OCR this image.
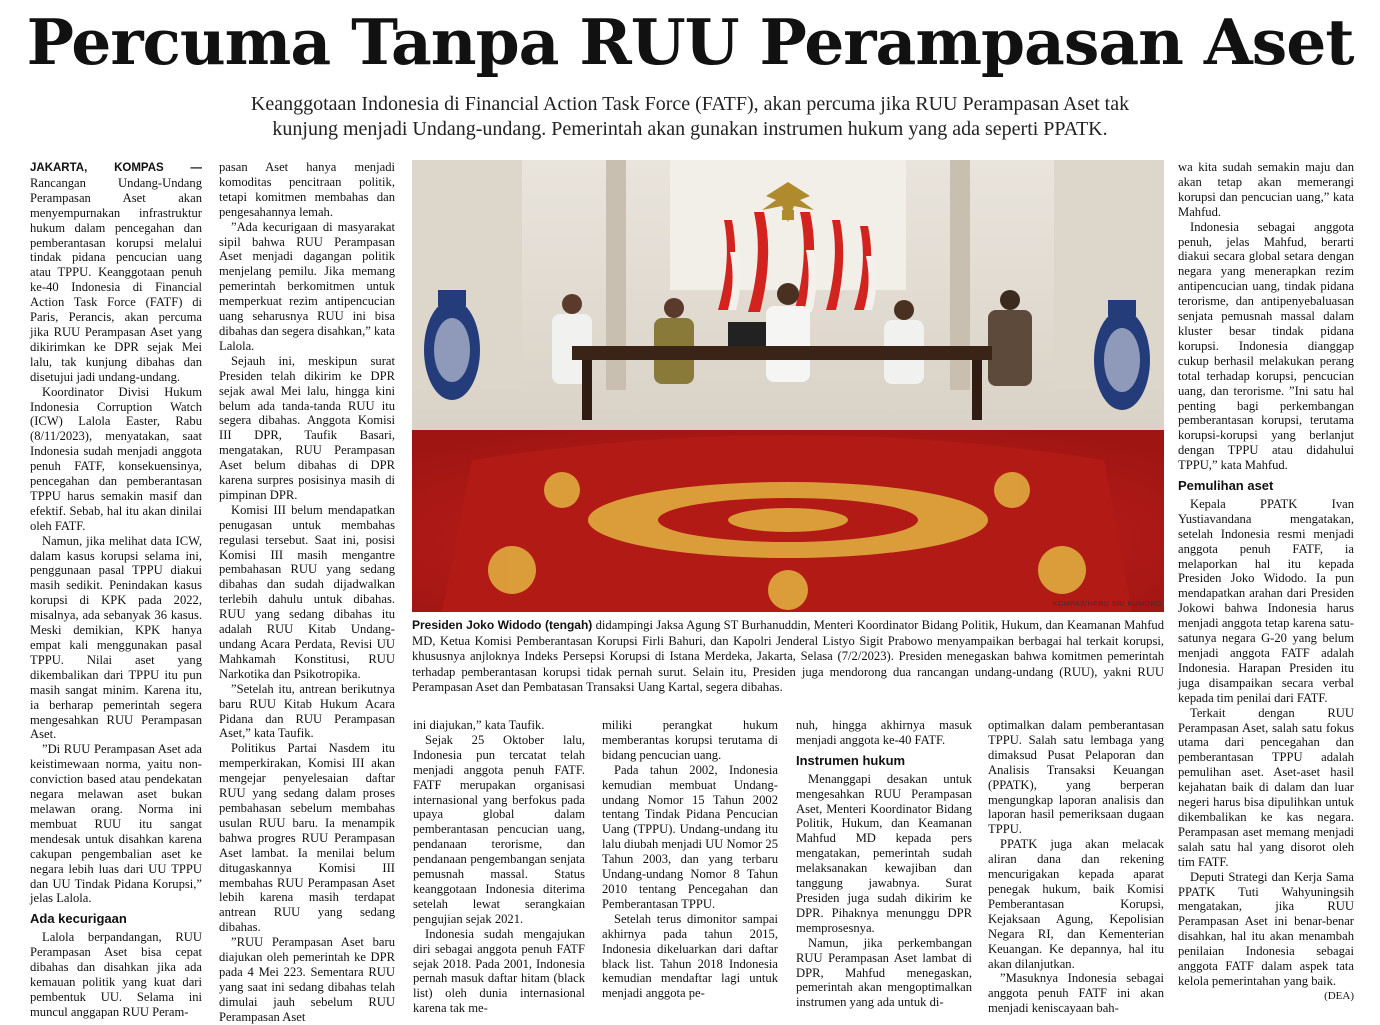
Percuma Tanpa RUU Perampasan Aset
Keanggotaan Indonesia di Financial Action Task Force (FATF), akan percuma jika RUU Perampasan Aset tak
kunjung menjadi Undang-undang. Pemerintah akan gunakan instrumen hukum yang ada seperti PPATK.
KOMPAS/HERU SRI KUMORO
Presiden Joko Widodo (tengah) didampingi Jaksa Agung ST Burhanuddin, Menteri Koordinator Bidang Politik, Hukum, dan Keamanan Mahfud MD, Ketua Komisi Pemberantasan Korupsi Firli Bahuri, dan Kapolri Jenderal Listyo Sigit Prabowo menyampaikan berbagai hal terkait korupsi, khususnya anjloknya Indeks Persepsi Korupsi di Istana Merdeka, Jakarta, Selasa (7/2/2023). Presiden menegaskan bahwa komitmen pemerintah terhadap pemberantasan korupsi tidak pernah surut. Selain itu, Presiden juga mendorong dua rancangan undang-undang (RUU), yakni RUU Perampasan Aset dan Pembatasan Transaksi Uang Kartal, segera dibahas.

JAKARTA, KOMPAS — Rancangan Undang-Undang Perampasan Aset akan menyempurnakan infrastruktur hukum dalam pencegahan dan pemberantasan korupsi melalui tindak pidana pencucian uang atau TPPU. Keanggotaan penuh ke-40 Indonesia di Financial Action Task Force (FATF) di Paris, Perancis, akan percuma jika RUU Perampasan Aset yang dikirimkan ke DPR sejak Mei lalu, tak kunjung dibahas dan disetujui jadi undang-undang.

Koordinator Divisi Hukum Indonesia Corruption Watch (ICW) Lalola Easter, Rabu (8/11/2023), menyatakan, saat Indonesia sudah menjadi anggota penuh FATF, konsekuensinya, pencegahan dan pemberantasan TPPU harus semakin masif dan efektif. Sebab, hal itu akan dinilai oleh FATF.

Namun, jika melihat data ICW, dalam kasus korupsi selama ini, penggunaan pasal TPPU diakui masih sedikit. Penindakan kasus korupsi di KPK pada 2022, misalnya, ada sebanyak 36 kasus. Meski demikian, KPK hanya empat kali menggunakan pasal TPPU. Nilai aset yang dikembalikan dari TPPU itu pun masih sangat minim. Karena itu, ia berharap pemerintah segera mengesahkan RUU Perampasan Aset.

”Di RUU Perampasan Aset ada keistimewaan norma, yaitu non-conviction based atau pendekatan negara melawan aset bukan melawan orang. Norma ini membuat RUU itu sangat mendesak untuk disahkan karena cakupan pengembalian aset ke negara lebih luas dari UU TPPU dan UU Tindak Pidana Korupsi,” jelas Lalola.

Ada kecurigaan

Lalola berpandangan, RUU Perampasan Aset bisa cepat dibahas dan disahkan jika ada kemauan politik yang kuat dari pembentuk UU. Selama ini muncul anggapan RUU Peram-

pasan Aset hanya menjadi komoditas pencitraan politik, tetapi komitmen membahas dan pengesahannya lemah.

”Ada kecurigaan di masyarakat sipil bahwa RUU Perampasan Aset menjadi dagangan politik menjelang pemilu. Jika memang pemerintah berkomitmen untuk memperkuat rezim antipencucian uang seharusnya RUU ini bisa dibahas dan segera disahkan,” kata Lalola.

Sejauh ini, meskipun surat Presiden telah dikirim ke DPR sejak awal Mei lalu, hingga kini belum ada tanda-tanda RUU itu segera dibahas. Anggota Komisi III DPR, Taufik Basari, mengatakan, RUU Perampasan Aset belum dibahas di DPR karena surpres posisinya masih di pimpinan DPR.

Komisi III belum mendapatkan penugasan untuk membahas regulasi tersebut. Saat ini, posisi Komisi III masih mengantre pembahasan RUU yang sedang dibahas dan sudah dijadwalkan terlebih dahulu untuk dibahas. RUU yang sedang dibahas itu adalah RUU Kitab Undang-undang Acara Perdata, Revisi UU Mahkamah Konstitusi, RUU Narkotika dan Psikotropika.

”Setelah itu, antrean berikutnya baru RUU Kitab Hukum Acara Pidana dan RUU Perampasan Aset,” kata Taufik.

Politikus Partai Nasdem itu memperkirakan, Komisi III akan mengejar penyelesaian daftar RUU yang sedang dalam proses pembahasan sebelum membahas usulan RUU baru. Ia menampik bahwa progres RUU Perampasan Aset lambat. Ia menilai belum ditugaskannya Komisi III membahas RUU Perampasan Aset lebih karena masih terdapat antrean RUU yang sedang dibahas.

”RUU Perampasan Aset baru diajukan oleh pemerintah ke DPR pada 4 Mei 223. Sementara RUU yang saat ini sedang dibahas telah dimulai jauh sebelum RUU Perampasan Aset

ini diajukan,” kata Taufik.

Sejak 25 Oktober lalu, Indonesia pun tercatat telah menjadi anggota penuh FATF. FATF merupakan organisasi internasional yang berfokus pada upaya global dalam pemberantasan pencucian uang, pendanaan terorisme, dan pendanaan pengembangan senjata pemusnah massal. Status keanggotaan Indonesia diterima setelah lewat serangkaian pengujian sejak 2021.

Indonesia sudah mengajukan diri sebagai anggota penuh FATF sejak 2018. Pada 2001, Indonesia pernah masuk daftar hitam (black list) oleh dunia internasional karena tak me-

miliki perangkat hukum memberantas korupsi terutama di bidang pencucian uang.

Pada tahun 2002, Indonesia kemudian membuat Undang-undang Nomor 15 Tahun 2002 tentang Tindak Pidana Pencucian Uang (TPPU). Undang-undang itu lalu diubah menjadi UU Nomor 25 Tahun 2003, dan yang terbaru Undang-undang Nomor 8 Tahun 2010 tentang Pencegahan dan Pemberantasan TPPU.

Setelah terus dimonitor sampai akhirnya pada tahun 2015, Indonesia dikeluarkan dari daftar black list. Tahun 2018 Indonesia kemudian mendaftar lagi untuk menjadi anggota pe-

nuh, hingga akhirnya masuk menjadi anggota ke-40 FATF.

Instrumen hukum

Menanggapi desakan untuk mengesahkan RUU Perampasan Aset, Menteri Koordinator Bidang Politik, Hukum, dan Keamanan Mahfud MD kepada pers mengatakan, pemerintah sudah melaksanakan kewajiban dan tanggung jawabnya. Surat Presiden juga sudah dikirim ke DPR. Pihaknya menunggu DPR memprosesnya.

Namun, jika perkembangan RUU Perampasan Aset lambat di DPR, Mahfud menegaskan, pemerintah akan mengoptimalkan instrumen yang ada untuk di-

optimalkan dalam pemberantasan TPPU. Salah satu lembaga yang dimaksud Pusat Pelaporan dan Analisis Transaksi Keuangan (PPATK), yang berperan mengungkap laporan analisis dan laporan hasil pemeriksaan dugaan TPPU.

PPATK juga akan melacak aliran dana dan rekening mencurigakan kepada aparat penegak hukum, baik Komisi Pemberantasan Korupsi, Kejaksaan Agung, Kepolisian Negara RI, dan Kementerian Keuangan. Ke depannya, hal itu akan dilanjutkan.

”Masuknya Indonesia sebagai anggota penuh FATF ini akan menjadi keniscayaan bah-

wa kita sudah semakin maju dan akan tetap akan memerangi korupsi dan pencucian uang,” kata Mahfud.

Indonesia sebagai anggota penuh, jelas Mahfud, berarti diakui secara global setara dengan negara yang menerapkan rezim antipencucian uang, tindak pidana terorisme, dan antipenyebaluasan senjata pemusnah massal dalam kluster besar tindak pidana korupsi. Indonesia dianggap cukup berhasil melakukan perang total terhadap korupsi, pencucian uang, dan terorisme. ”Ini satu hal penting bagi perkembangan pemberantasan korupsi, terutama korupsi-korupsi yang berlanjut dengan TPPU atau didahului TPPU,” kata Mahfud.

Pemulihan aset

Kepala PPATK Ivan Yustiavandana mengatakan, setelah Indonesia resmi menjadi anggota penuh FATF, ia melaporkan hal itu kepada Presiden Joko Widodo. Ia pun mendapatkan arahan dari Presiden Jokowi bahwa Indonesia harus menjadi anggota tetap karena satu-satunya negara G-20 yang belum menjadi anggota FATF adalah Indonesia. Harapan Presiden itu juga disampaikan secara verbal kepada tim penilai dari FATF.

Terkait dengan RUU Perampasan Aset, salah satu fokus utama dari pencegahan dan pemberantasan TPPU adalah pemulihan aset. Aset-aset hasil kejahatan baik di dalam dan luar negeri harus bisa dipulihkan untuk dikembalikan ke kas negara. Perampasan aset memang menjadi salah satu hal yang disorot oleh tim FATF.

Deputi Strategi dan Kerja Sama PPATK Tuti Wahyuningsih mengatakan, jika RUU Perampasan Aset ini benar-benar disahkan, hal itu akan menambah penilaian Indonesia sebagai anggota FATF dalam aspek tata kelola pemerintahan yang baik.
(DEA)
